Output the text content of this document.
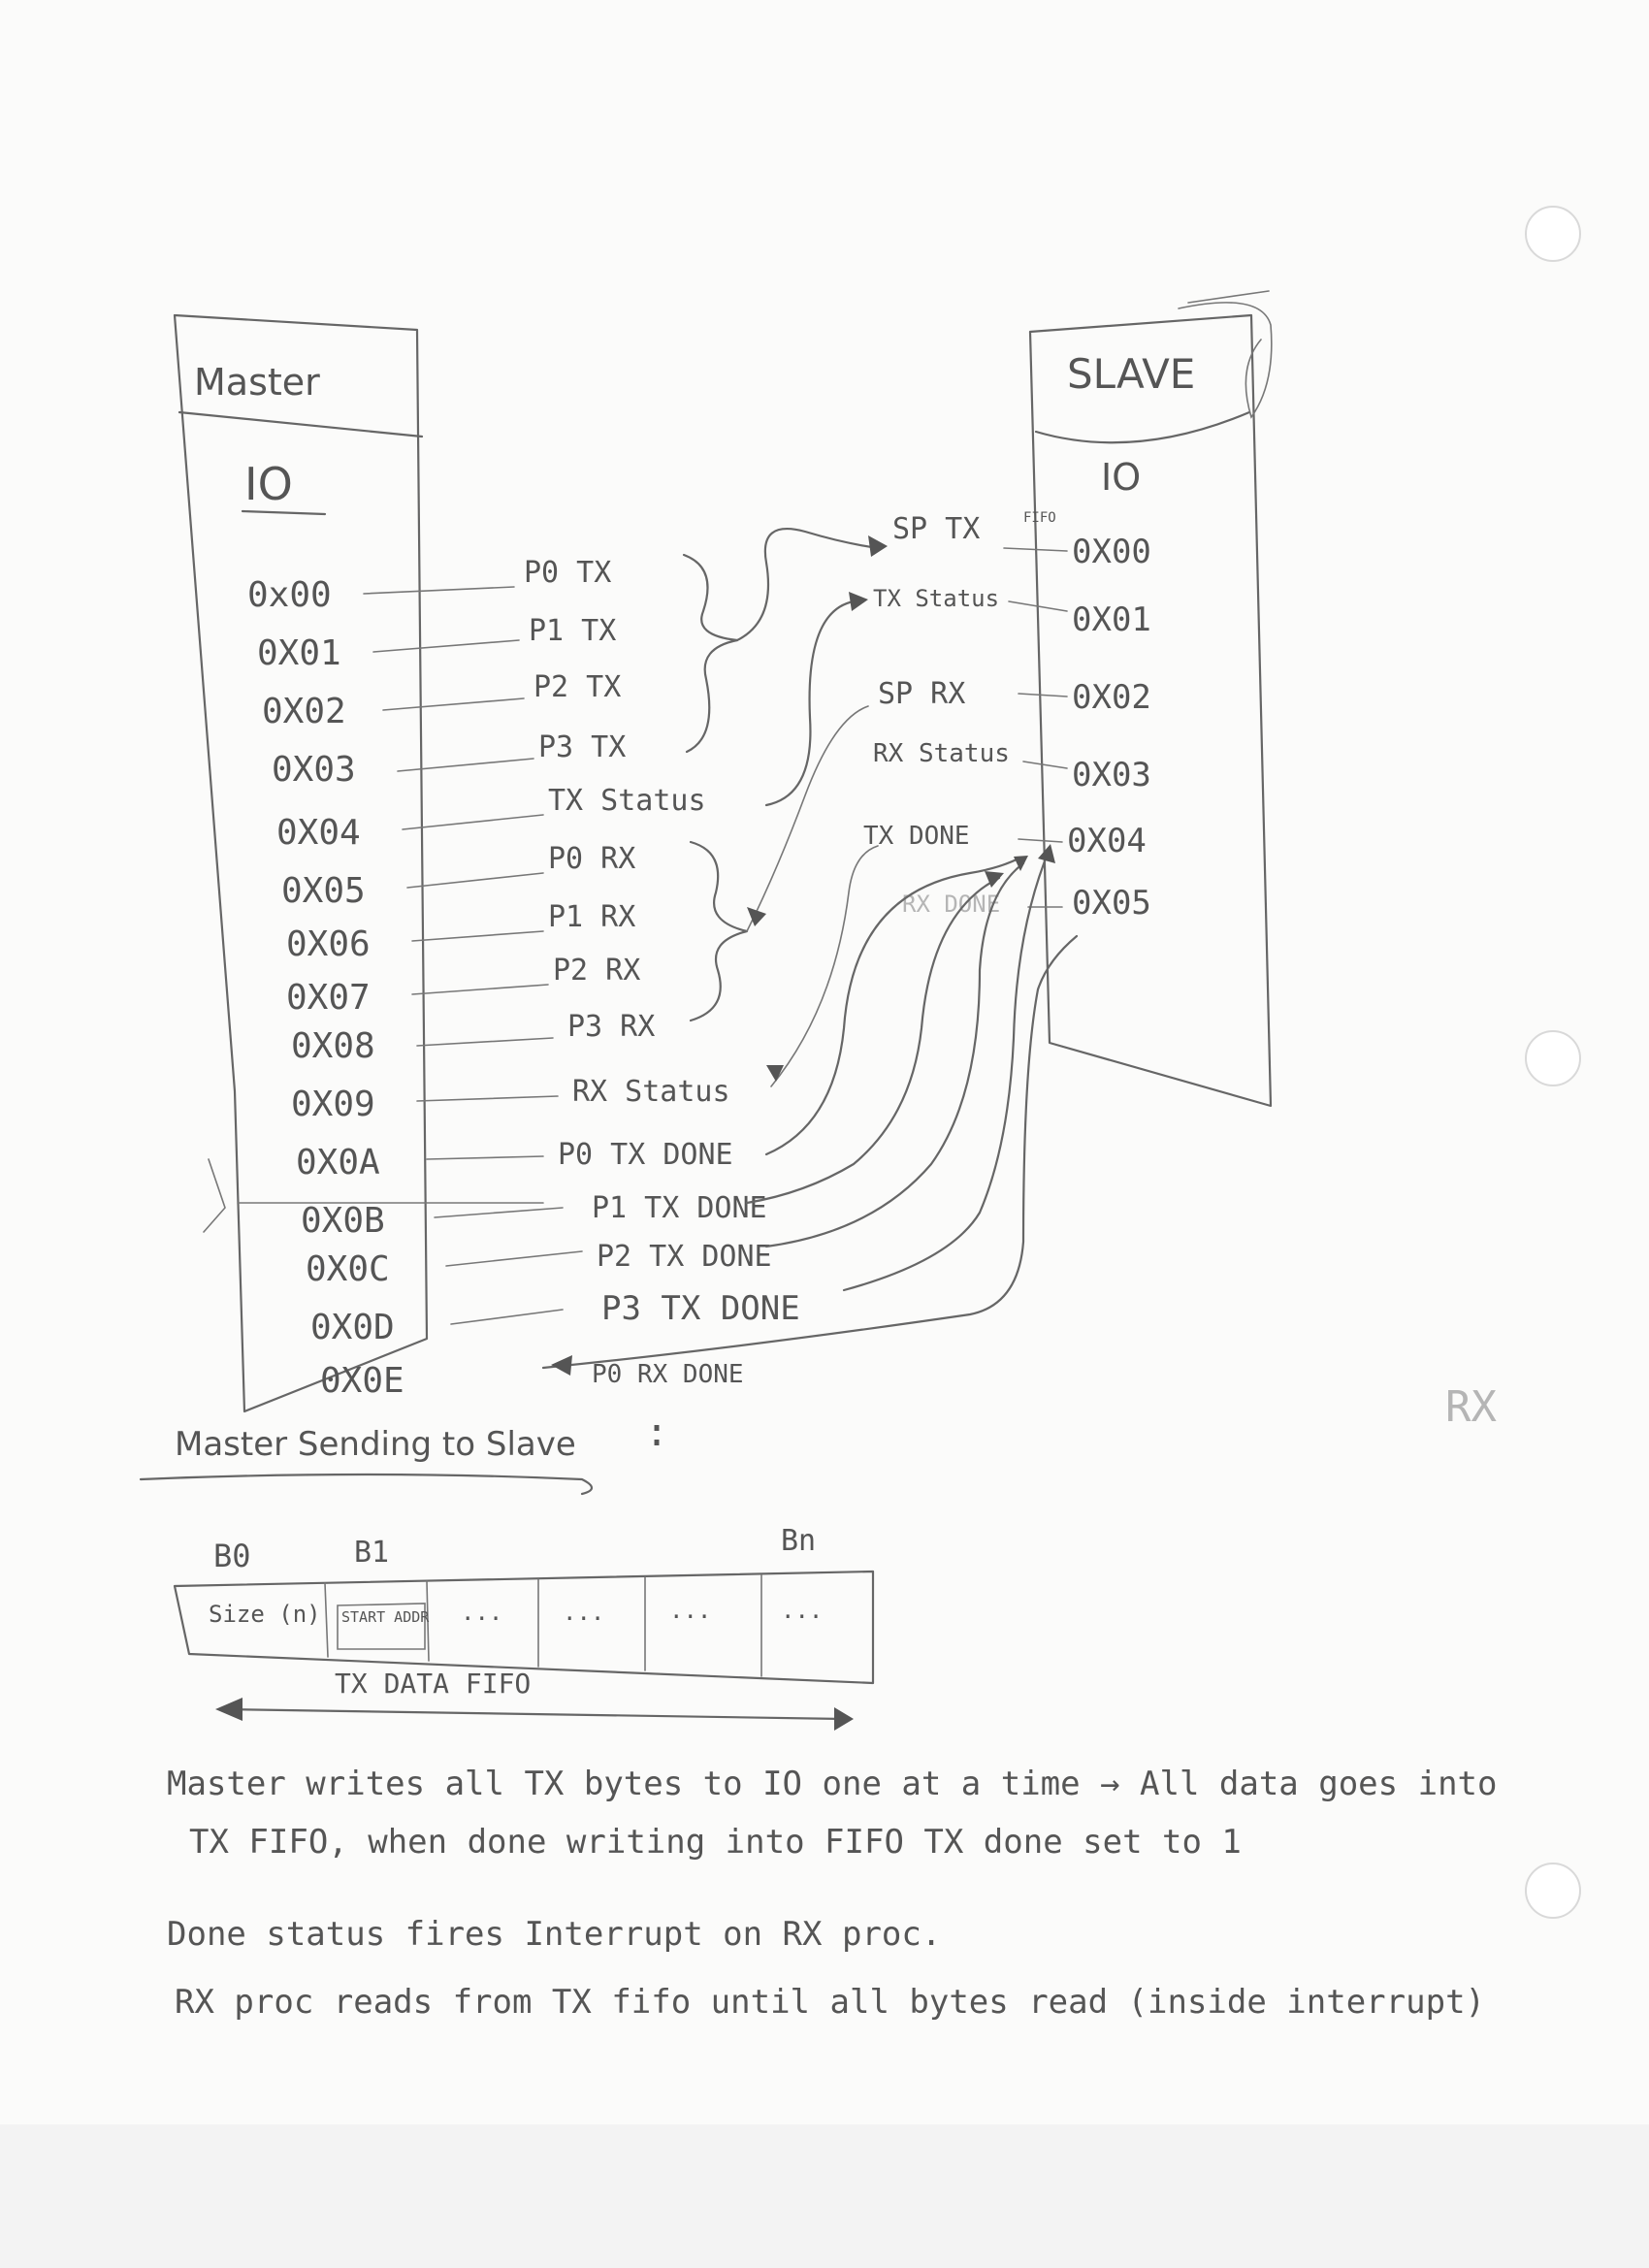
Master
IO
0x00
0X01
0X02
0X03
0X04
0X05
0X06
0X07
0X08
0X09
0X0A
0X0B
0X0C
0X0D
0X0E
P0 TX
P1 TX
P2 TX
P3 TX
TX Status
P0 RX
P1 RX
P2 RX
P3 RX
RX Status
P0 TX DONE
P1 TX DONE
P2 TX DONE
P3 TX DONE
P0 RX DONE
SLAVE
IO
0X00
0X01
0X02
0X03
0X04
0X05
SP TX	FIFO
TX Status
SP RX
RX Status
TX DONE
RX DONE
Master Sending to Slave :
B0	B1	Bn
Size (n) START ADDR ...	...	...	...
TX DATA FIFO
Master writes all TX bytes to IO one at a time → All data goes into
TX FIFO, when done writing into FIFO TX done set to 1
Done status fires Interrupt on RX proc.
RX proc reads from TX fifo until all bytes read (inside interrupt)
RX
